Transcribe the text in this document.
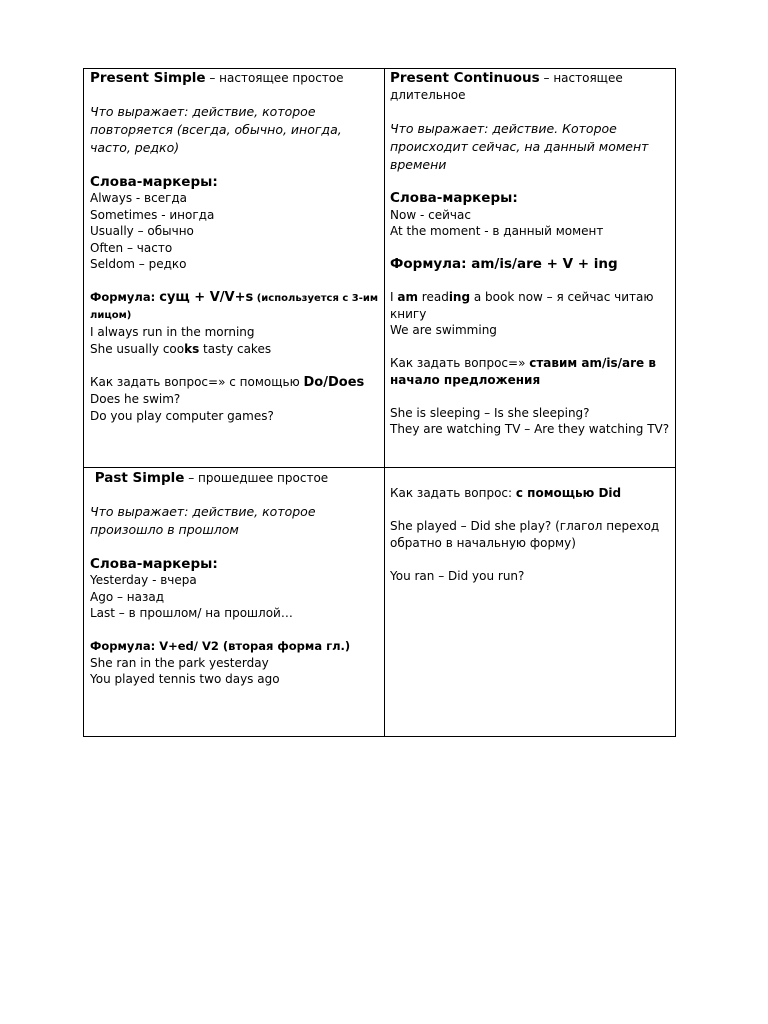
Present Simple – настоящее простое
Что выражает: действие, которое
повторяется (всегда, обычно, иногда,
часто, редко)
Слова-маркеры:
Always - всегда
Sometimes - иногда
Usually – обычно
Often – часто
Seldom – редко
Формула: сущ + V/V+s (используется с 3-им
лицом)
I always run in the morning
She usually cooks tasty cakes
Как задать вопрос=» с помощью Do/Does
Does he swim?
Do you play computer games?
Present Continuous – настоящее
длительное
Что выражает: действие. Которое
происходит сейчас, на данный момент
времени
Слова-маркеры:
Now - сейчас
At the moment - в данный момент
Формула: am/is/are + V + ing
I am reading a book now – я сейчас читаю
книгу
We are swimming
Как задать вопрос=» ставим am/is/are в
начало предложения
She is sleeping – Is she sleeping?
They are watching TV – Are they watching TV?
Past Simple – прошедшее простое
Что выражает: действие, которое
произошло в прошлом
Слова-маркеры:
Yesterday - вчера
Ago – назад
Last – в прошлом/ на прошлой…
Формула: V+ed/ V2 (вторая форма гл.)
She ran in the park yesterday
You played tennis two days ago
Как задать вопрос: с помощью Did
She played – Did she play? (глагол переход
обратно в начальную форму)
You ran – Did you run?
